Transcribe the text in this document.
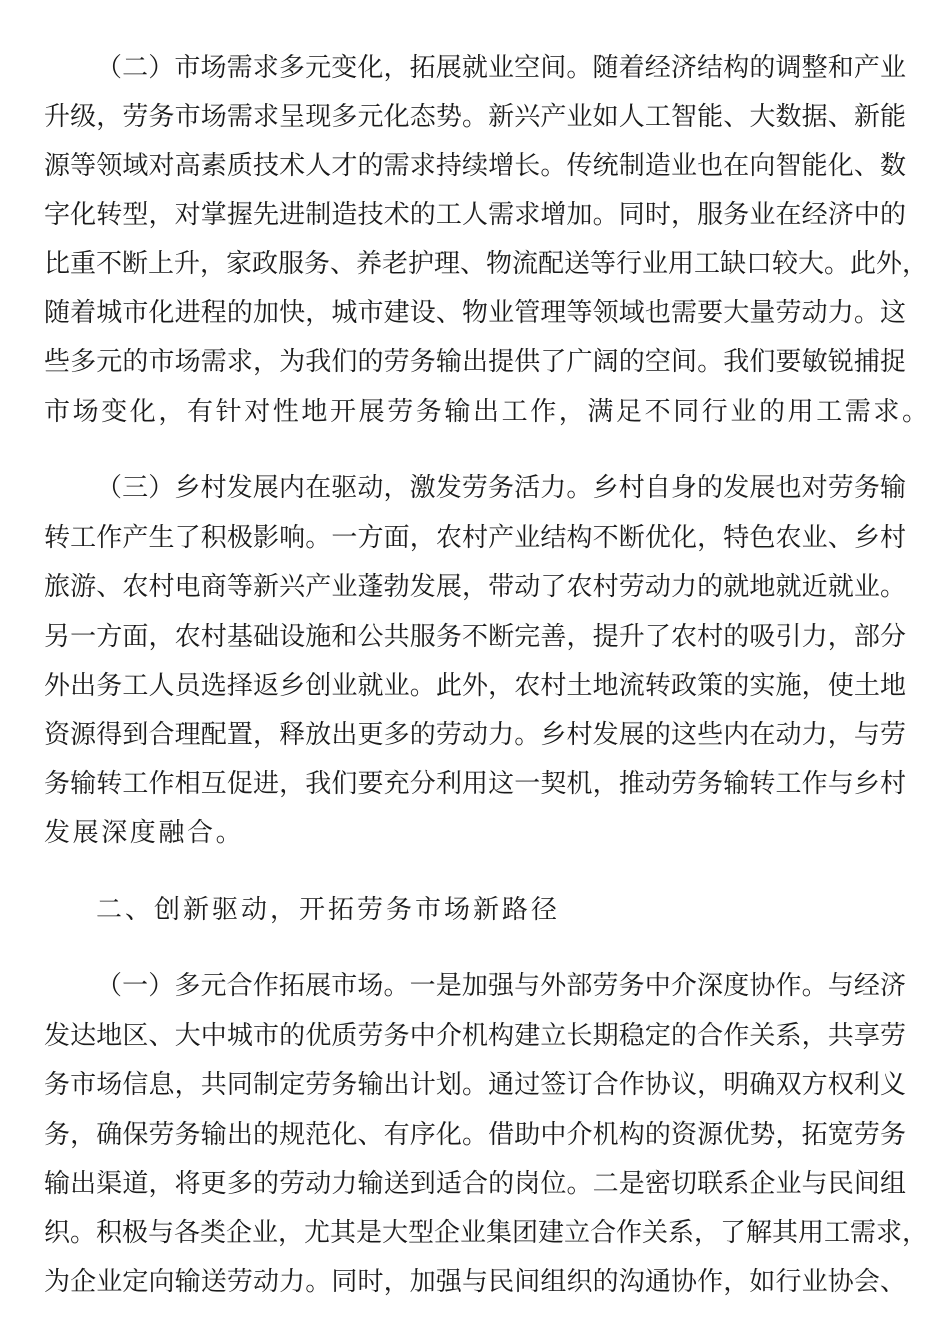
（二）市场需求多元变化，拓展就业空间。随着经济结构的调整和产业
升级，劳务市场需求呈现多元化态势。新兴产业如人工智能、大数据、新能
源等领域对高素质技术人才的需求持续增长。传统制造业也在向智能化、数
字化转型，对掌握先进制造技术的工人需求增加。同时，服务业在经济中的
比重不断上升，家政服务、养老护理、物流配送等行业用工缺口较大。此外，
随着城市化进程的加快，城市建设、物业管理等领域也需要大量劳动力。这
些多元的市场需求，为我们的劳务输出提供了广阔的空间。我们要敏锐捕捉
市场变化，有针对性地开展劳务输出工作，满足不同行业的用工需求。
（三）乡村发展内在驱动，激发劳务活力。乡村自身的发展也对劳务输
转工作产生了积极影响。一方面，农村产业结构不断优化，特色农业、乡村
旅游、农村电商等新兴产业蓬勃发展，带动了农村劳动力的就地就近就业。
另一方面，农村基础设施和公共服务不断完善，提升了农村的吸引力，部分
外出务工人员选择返乡创业就业。此外，农村土地流转政策的实施，使土地
资源得到合理配置，释放出更多的劳动力。乡村发展的这些内在动力，与劳
务输转工作相互促进，我们要充分利用这一契机，推动劳务输转工作与乡村
发展深度融合。
二、创新驱动，开拓劳务市场新路径
（一）多元合作拓展市场。一是加强与外部劳务中介深度协作。与经济
发达地区、大中城市的优质劳务中介机构建立长期稳定的合作关系，共享劳
务市场信息，共同制定劳务输出计划。通过签订合作协议，明确双方权利义
务，确保劳务输出的规范化、有序化。借助中介机构的资源优势，拓宽劳务
输出渠道，将更多的劳动力输送到适合的岗位。二是密切联系企业与民间组
织。积极与各类企业，尤其是大型企业集团建立合作关系，了解其用工需求，
为企业定向输送劳动力。同时，加强与民间组织的沟通协作，如行业协会、
